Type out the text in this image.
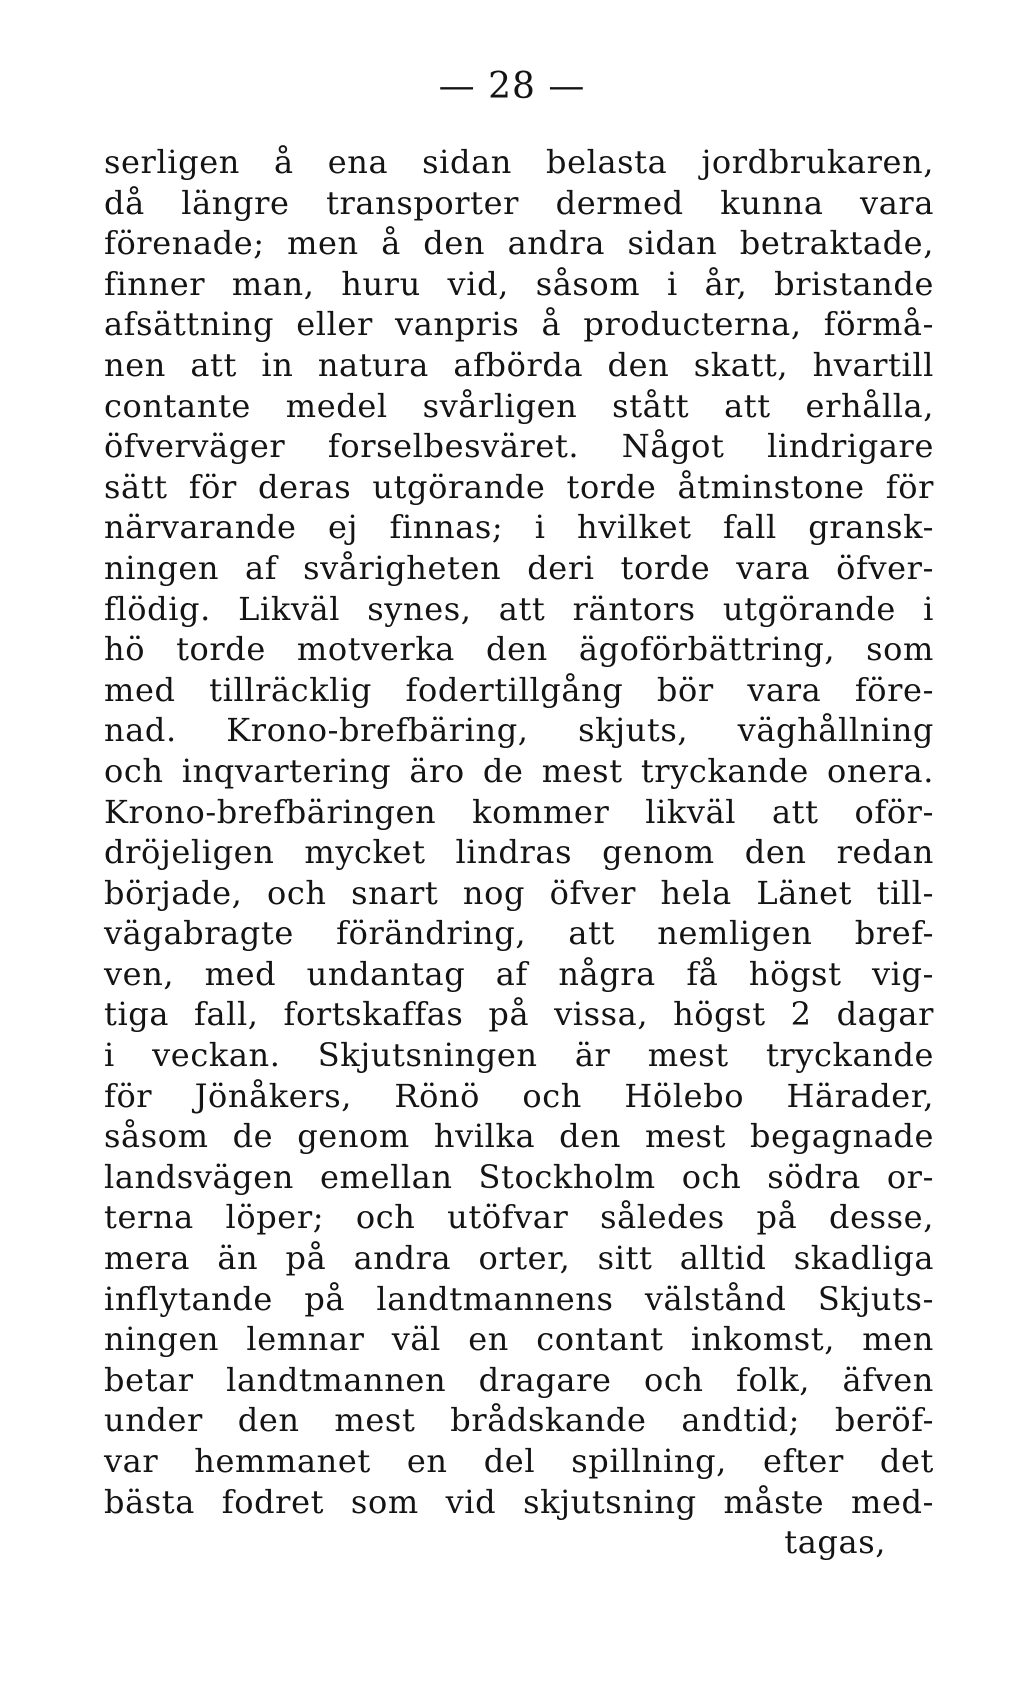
— 28 —
serligen å ena sidan belasta jordbrukaren,
då längre transporter dermed kunna vara
förenade; men å den andra sidan betraktade,
finner man, huru vid, såsom i år, bristande
afsättning eller vanpris å producterna, förmå-
nen att in natura afbörda den skatt, hvartill
contante medel svårligen stått att erhålla,
öfverväger forselbesväret. Något lindrigare
sätt för deras utgörande torde åtminstone för
närvarande ej finnas; i hvilket fall gransk-
ningen af svårigheten deri torde vara öfver-
flödig. Likväl synes, att räntors utgörande i
hö torde motverka den ägoförbättring, som
med tillräcklig fodertillgång bör vara före-
nad. Krono-brefbäring, skjuts, väghållning
och inqvartering äro de mest tryckande onera.
Krono-brefbäringen kommer likväl att oför-
dröjeligen mycket lindras genom den redan
började, och snart nog öfver hela Länet till-
vägabragte förändring, att nemligen bref-
ven, med undantag af några få högst vig-
tiga fall, fortskaffas på vissa, högst 2 dagar
i veckan. Skjutsningen är mest tryckande
för Jönåkers, Rönö och Hölebo Härader,
såsom de genom hvilka den mest begagnade
landsvägen emellan Stockholm och södra or-
terna löper; och utöfvar således på desse,
mera än på andra orter, sitt alltid skadliga
inflytande på landtmannens välstånd Skjuts-
ningen lemnar väl en contant inkomst, men
betar landtmannen dragare och folk, äfven
under den mest brådskande andtid; beröf-
var hemmanet en del spillning, efter det
bästa fodret som vid skjutsning måste med-
tagas,
